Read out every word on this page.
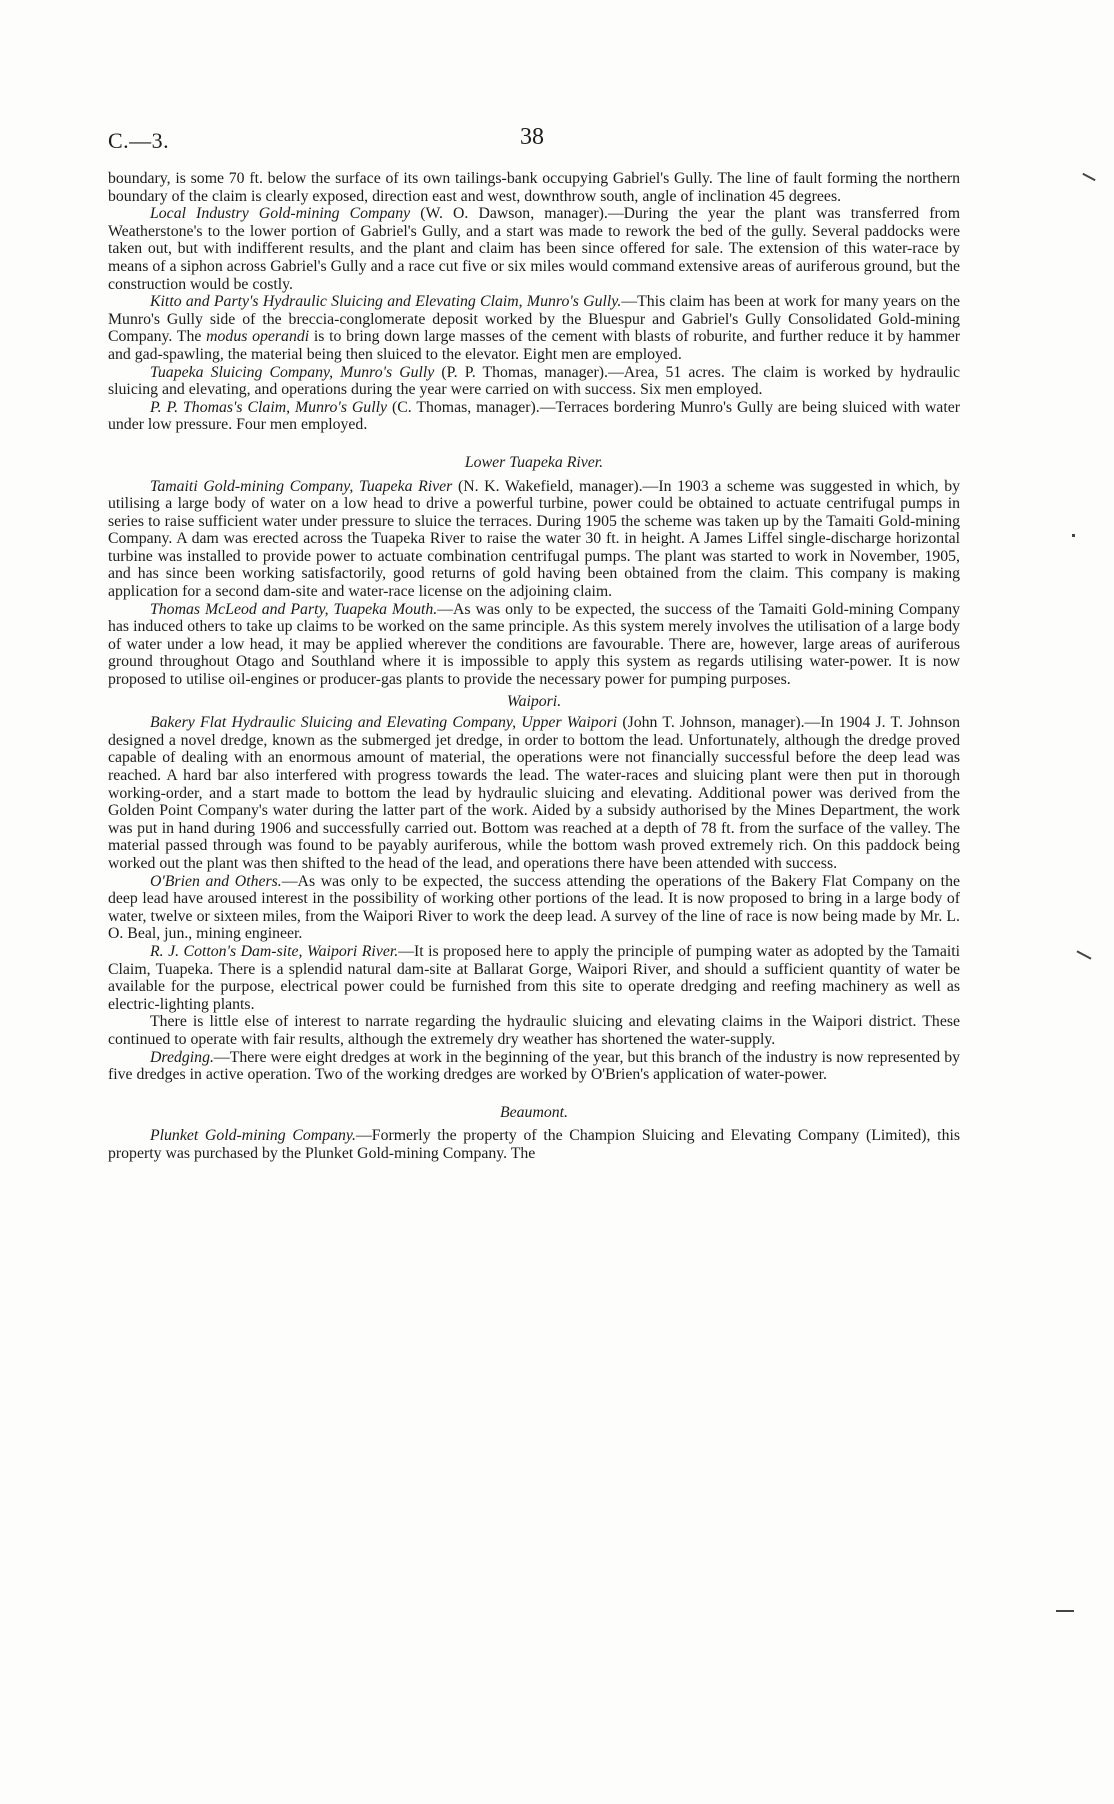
C.—3.	38

boundary, is some 70 ft. below the surface of its own tailings-bank occupying Gabriel's Gully. The line of fault forming the northern boundary of the claim is clearly exposed, direction east and west, downthrow south, angle of inclination 45 degrees.

Local Industry Gold-mining Company (W. O. Dawson, manager).—During the year the plant was transferred from Weatherstone's to the lower portion of Gabriel's Gully, and a start was made to rework the bed of the gully. Several paddocks were taken out, but with indifferent results, and the plant and claim has been since offered for sale. The extension of this water-race by means of a siphon across Gabriel's Gully and a race cut five or six miles would command extensive areas of auriferous ground, but the construction would be costly.

Kitto and Party's Hydraulic Sluicing and Elevating Claim, Munro's Gully.—This claim has been at work for many years on the Munro's Gully side of the breccia-conglomerate deposit worked by the Bluespur and Gabriel's Gully Consolidated Gold-mining Company. The modus operandi is to bring down large masses of the cement with blasts of roburite, and further reduce it by hammer and gad-spawling, the material being then sluiced to the elevator. Eight men are employed.

Tuapeka Sluicing Company, Munro's Gully (P. P. Thomas, manager).—Area, 51 acres. The claim is worked by hydraulic sluicing and elevating, and operations during the year were carried on with success. Six men employed.

P. P. Thomas's Claim, Munro's Gully (C. Thomas, manager).—Terraces bordering Munro's Gully are being sluiced with water under low pressure. Four men employed.

Lower Tuapeka River.

Tamaiti Gold-mining Company, Tuapeka River (N. K. Wakefield, manager).—In 1903 a scheme was suggested in which, by utilising a large body of water on a low head to drive a powerful turbine, power could be obtained to actuate centrifugal pumps in series to raise sufficient water under pressure to sluice the terraces. During 1905 the scheme was taken up by the Tamaiti Gold-mining Company. A dam was erected across the Tuapeka River to raise the water 30 ft. in height. A James Liffel single-discharge horizontal turbine was installed to provide power to actuate combination centrifugal pumps. The plant was started to work in November, 1905, and has since been working satisfactorily, good returns of gold having been obtained from the claim. This company is making application for a second dam-site and water-race license on the adjoining claim.

Thomas McLeod and Party, Tuapeka Mouth.—As was only to be expected, the success of the Tamaiti Gold-mining Company has induced others to take up claims to be worked on the same principle. As this system merely involves the utilisation of a large body of water under a low head, it may be applied wherever the conditions are favourable. There are, however, large areas of auriferous ground throughout Otago and Southland where it is impossible to apply this system as regards utilising water-power. It is now proposed to utilise oil-engines or producer-gas plants to provide the necessary power for pumping purposes.

Waipori.

Bakery Flat Hydraulic Sluicing and Elevating Company, Upper Waipori (John T. Johnson, manager).—In 1904 J. T. Johnson designed a novel dredge, known as the submerged jet dredge, in order to bottom the lead. Unfortunately, although the dredge proved capable of dealing with an enormous amount of material, the operations were not financially successful before the deep lead was reached. A hard bar also interfered with progress towards the lead. The water-races and sluicing plant were then put in thorough working-order, and a start made to bottom the lead by hydraulic sluicing and elevating. Additional power was derived from the Golden Point Company's water during the latter part of the work. Aided by a subsidy authorised by the Mines Department, the work was put in hand during 1906 and successfully carried out. Bottom was reached at a depth of 78 ft. from the surface of the valley. The material passed through was found to be payably auriferous, while the bottom wash proved extremely rich. On this paddock being worked out the plant was then shifted to the head of the lead, and operations there have been attended with success.

O'Brien and Others.—As was only to be expected, the success attending the operations of the Bakery Flat Company on the deep lead have aroused interest in the possibility of working other portions of the lead. It is now proposed to bring in a large body of water, twelve or sixteen miles, from the Waipori River to work the deep lead. A survey of the line of race is now being made by Mr. L. O. Beal, jun., mining engineer.

R. J. Cotton's Dam-site, Waipori River.—It is proposed here to apply the principle of pumping water as adopted by the Tamaiti Claim, Tuapeka. There is a splendid natural dam-site at Ballarat Gorge, Waipori River, and should a sufficient quantity of water be available for the purpose, electrical power could be furnished from this site to operate dredging and reefing machinery as well as electric-lighting plants.

There is little else of interest to narrate regarding the hydraulic sluicing and elevating claims in the Waipori district. These continued to operate with fair results, although the extremely dry weather has shortened the water-supply.

Dredging.—There were eight dredges at work in the beginning of the year, but this branch of the industry is now represented by five dredges in active operation. Two of the working dredges are worked by O'Brien's application of water-power.

Beaumont.

Plunket Gold-mining Company.—Formerly the property of the Champion Sluicing and Elevating Company (Limited), this property was purchased by the Plunket Gold-mining Company. The
